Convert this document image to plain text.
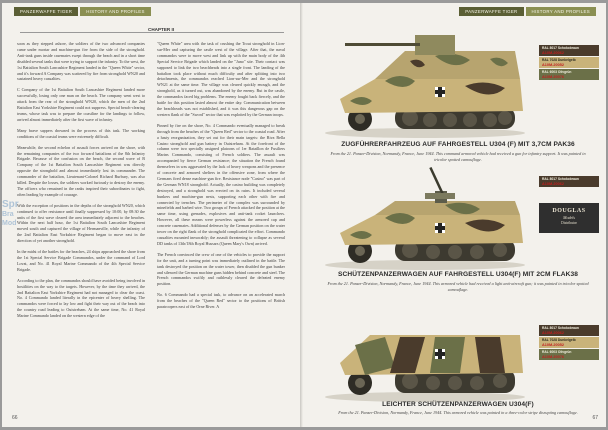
PANZERWAFFE TIGER	HISTORY AND PROFILES
CHAPTER II

soon as they stepped ashore, the soldiers of the two advanced companies came under mortar and machine-gun fire from the side of the stronghold. Anti-tank guns inside casemates swept through the beach and in a short time disabled several tanks that were trying to support the infantry. To the west, the 1st Battalion South Lancashire Regiment landed in the "Queen White" sector, and it's forward A Company was scattered by fire from stronghold WN20 and sustained heavy casualties.

C Company of the 1st Battalion South Lancashire Regiment landed more successfully, losing only one man on the beach. The company went west to attack from the rear of the stronghold WN20, which the men of the 2nd Battalion East Yorkshire Regiment could not suppress. Special beach-clearing teams, whose task was to prepare the coastline for the landings to follow, arrived almost immediately after the first wave of infantry.

Many brave sappers drowned in the process of this task. The working conditions of the coastal teams were extremely difficult.

Meanwhile, the second echelon of assault forces arrived on the shore, with the remaining companies of the two forward battalions of the 8th Infantry Brigade. Because of the confusion on the beach, the second wave of B Company of the 1st Battalion South Lancashire Regiment was directly opposite the stronghold and almost immediately lost its commander. The commander of the battalion, Lieutenant-Colonel Richard Burbury, was also killed. Despite the losses, the soldiers worked furiously to destroy the enemy. The officers who remained in the ranks inspired their subordinates to fight, often leading by example of courage.

With the exception of positions in the depths of the stronghold WN20, which continued to offer resistance until finally suppressed by 10:00, by 08:30 the units of the first wave cleared the area immediately adjacent to the beaches. Within the next half hour, the 1st Battalion South Lancashire Regiment moved south and captured the village of Hermanville, while the infantry of the 2nd Battalion East Yorkshire Regiment began to move east in the direction of yet another stronghold.

In the midst of the battles for the beaches, 24 ships approached the shore from the 1st Special Service Brigade Commandos, under the command of Lord Lovat, and No. 41 Royal Marine Commando of the 4th Special Service Brigade.

According to the plan, the commandos should have avoided being involved in hostilities on the way to the targets. However, by the time they arrived, the 2nd Battalion East Yorkshire Regiment had not managed to clear the coast. No. 4 Commando landed literally in the epicenter of heavy shelling. The commandos were forced to lay low and fight their way out of the beach into the country road leading to Ouistreham. At the same time, No. 41 Royal Marine Commando landed on the western edge of the

"Queen White" area with the task of crushing the Trout stronghold in Lion-sur-Mer and capturing the castle west of the village. After that, the naval commandos were to move west and link up with the main body of the 4th Special Service Brigade which landed on the "Juno" site. Their contact was supposed to link the two beachheads into a single front. The landing of the battalion took place without much difficulty and after splitting into two detachments, the commandos reached Lion-sur-Mer and the stronghold WN21 at the same time. The village was cleared quickly enough, and the stronghold, as it turned out, was abandoned by the enemy. But in the castle, the commandos faced big problems. The enemy fought back fiercely, and the battle for this position lasted almost the entire day. Communication between the beachheads was not established, and it was this dangerous gap on the western flank of the "Sword" sector that was exploited by the German troops.

Pinned by fire on the shore, No. 4 Commando eventually managed to break through from the beaches of the "Queen Red" sector to the coastal road. After a hasty reorganization, they set out for their main targets: the Riva Bella Casino stronghold and gun battery in Ouistreham. At the forefront of the column were two specially assigned platoons of 1er Bataillon de Fusiliers Marins Commando, consisting of French soldiers. The assault was accompanied by fierce German resistance; the situation the French found themselves in was aggravated by the lack of heavy weapons and the presence of concrete and armored shelters in the offensive zone, from where the Germans fired dense machine-gun fire. Resistance node "Casino" was part of the German WN18 stronghold. Actually, the casino building was completely destroyed, and a stronghold was erected on its ruins. It included several bunkers and machine-gun nests, supporting each other with fire and connected by trenches. The perimeter of the complex was surrounded by minefields and barbed wire. Two groups of French attacked the position at the same time, using grenades, explosives and anti-tank rocket launchers. However, all these means were powerless against the armored cap and concrete casemates. Additional defenses by the German position on the water tower on the right flank of the stronghold complicated the effort. Commando casualties mounted inexorably; the assault threatening to collapse as several DD tanks of 13th/18th Royal Hussars (Queen Mary's Own) arrived.

The French convinced the crew of one of the vehicles to provide the support for the unit, and a turning point was immediately outlined in the battle. The tank destroyed the position on the water tower, then disabled the gun bunker and silenced the German machine guns hidden behind concrete and steel. The French commandos swiftly and ruthlessly cleared the defeated enemy position.

No. 6 Commando had a special task, to advance on an accelerated march from the beaches of the "Queen Red" sector to the positions of British paratroopers east of the Orne River. A

66
Spr
Bra
Mod
PANZERWAFFE TIGER	HISTORY AND PROFILES
RAL 8017 Schokobraun
A10M-20062
RAL 7028 Dunkelgelb
A10M-20052
RAL 6003 Olivgrün
A10M-20076
ZUGFÜHRERFAHRZEUG AUF FAHRGESTELL U304 (F) MIT 3,7CM PAK36
From the 21. Panzer-Division, Normandy, France, June 1944. This command armored vehicle had received a gun for infantry support. It was painted in tricolor spotted camouflage.
RAL 8017 Schokobraun
A10M-20062
DOUGLAS
Models
Distributor
SCHÜTZENPANZERWAGEN AUF FAHRGESTELL U304(F) MIT 2CM FLAK38
From the 21. Panzer-Division, Normandy, France, June 1944. This armored vehicle had received a light anti-aircraft gun; it was painted in tricolor spotted camouflage.
RAL 8017 Schokobraun
A10M-20062
RAL 7028 Dunkelgelb
A10M-20052
RAL 6003 Olivgrün
A10M-20076
LEICHTER SCHÜTZENPANZERWAGEN U304(F)
From the 21. Panzer-Division, Normandy, France, June 1944. This armored vehicle was painted in a three-color stripe disrupting camouflage.
67
